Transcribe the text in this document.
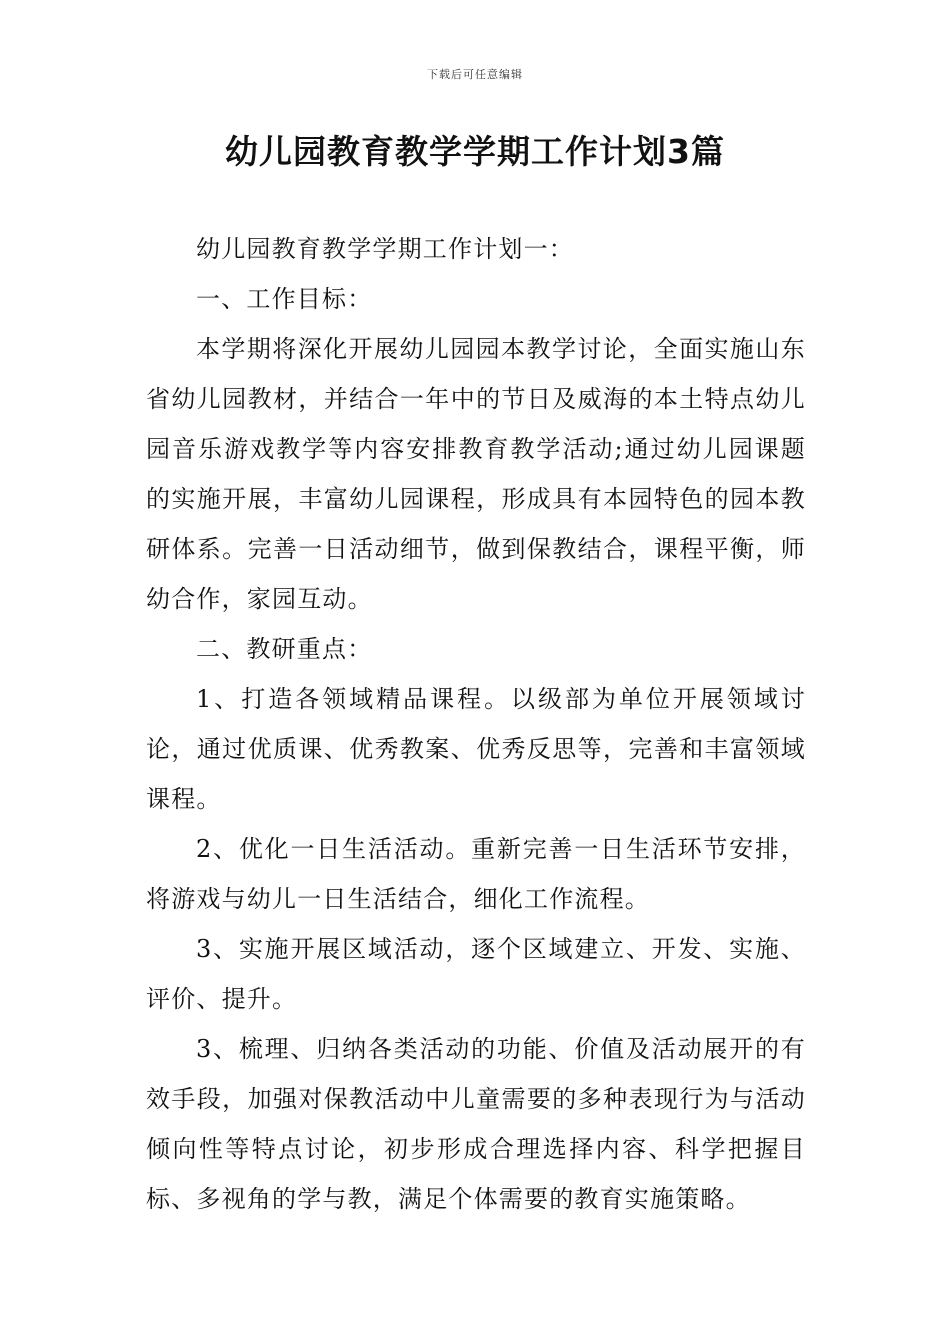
下载后可任意编辑
幼儿园教育教学学期工作计划3篇

幼儿园教育教学学期工作计划一：

一、工作目标：

本学期将深化开展幼儿园园本教学讨论，全面实施山东省幼儿园教材，并结合一年中的节日及威海的本土特点幼儿园音乐游戏教学等内容安排教育教学活动;通过幼儿园课题的实施开展，丰富幼儿园课程，形成具有本园特色的园本教研体系。完善一日活动细节，做到保教结合，课程平衡，师幼合作，家园互动。

二、教研重点：

1、打造各领域精品课程。以级部为单位开展领域讨论，通过优质课、优秀教案、优秀反思等，完善和丰富领域课程。

2、优化一日生活活动。重新完善一日生活环节安排，将游戏与幼儿一日生活结合，细化工作流程。

3、实施开展区域活动，逐个区域建立、开发、实施、评价、提升。

3、梳理、归纳各类活动的功能、价值及活动展开的有效手段，加强对保教活动中儿童需要的多种表现行为与活动倾向性等特点讨论，初步形成合理选择内容、科学把握目标、多视角的学与教，满足个体需要的教育实施策略。
